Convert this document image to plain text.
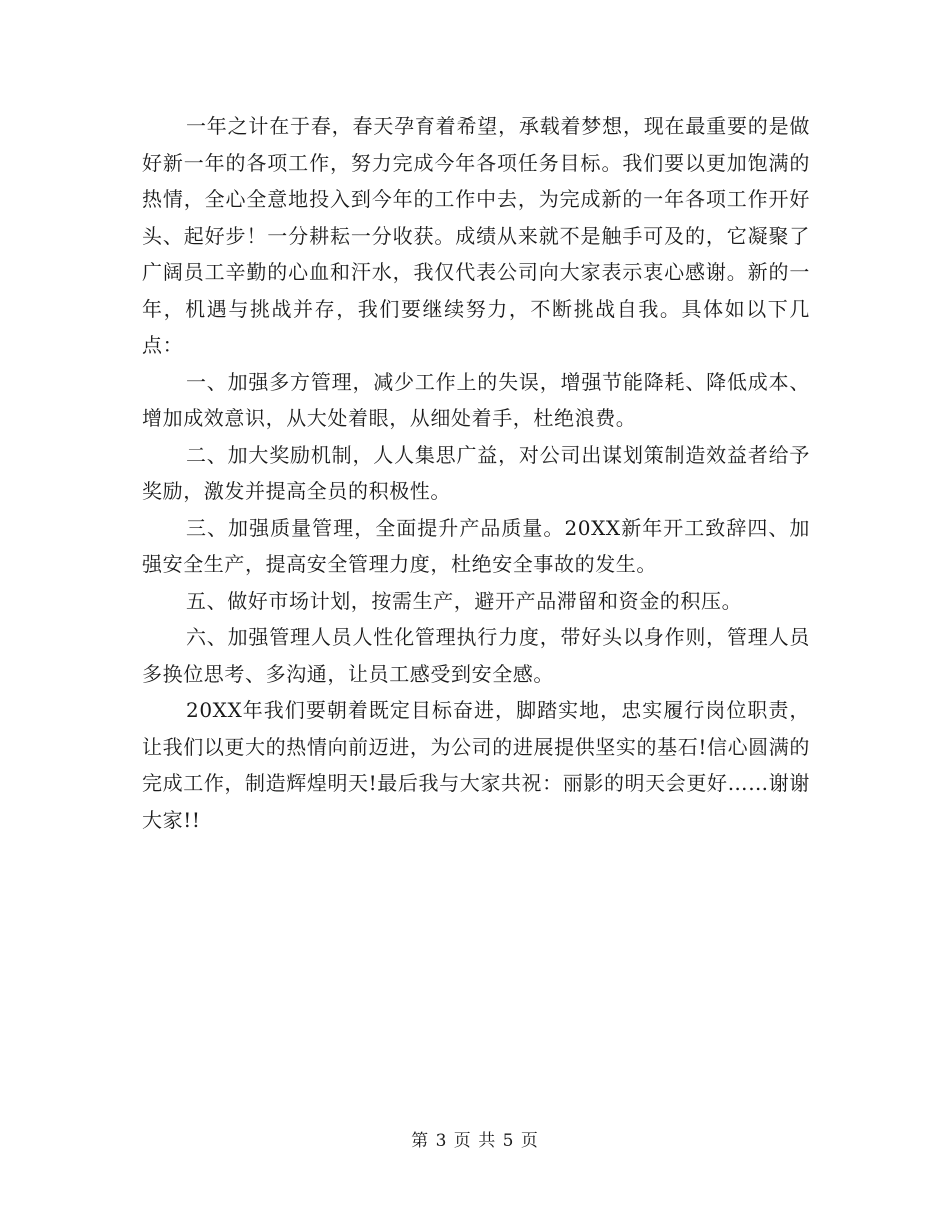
一年之计在于春，春天孕育着希望，承载着梦想，现在最重要的是做好新一年的各项工作，努力完成今年各项任务目标。我们要以更加饱满的热情，全心全意地投入到今年的工作中去，为完成新的一年各项工作开好头、起好步！一分耕耘一分收获。成绩从来就不是触手可及的，它凝聚了广阔员工辛勤的心血和汗水，我仅代表公司向大家表示衷心感谢。新的一年，机遇与挑战并存，我们要继续努力，不断挑战自我。具体如以下几点：

一、加强多方管理，减少工作上的失误，增强节能降耗、降低成本、增加成效意识，从大处着眼，从细处着手，杜绝浪费。

二、加大奖励机制，人人集思广益，对公司出谋划策制造效益者给予奖励，激发并提高全员的积极性。

三、加强质量管理，全面提升产品质量。20XX新年开工致辞四、加强安全生产，提高安全管理力度，杜绝安全事故的发生。

五、做好市场计划，按需生产，避开产品滞留和资金的积压。

六、加强管理人员人性化管理执行力度，带好头以身作则，管理人员多换位思考、多沟通，让员工感受到安全感。

20XX年我们要朝着既定目标奋进，脚踏实地，忠实履行岗位职责，让我们以更大的热情向前迈进，为公司的进展提供坚实的基石!信心圆满的完成工作，制造辉煌明天!最后我与大家共祝：丽影的明天会更好……谢谢大家!!

第 3 页 共 5 页
